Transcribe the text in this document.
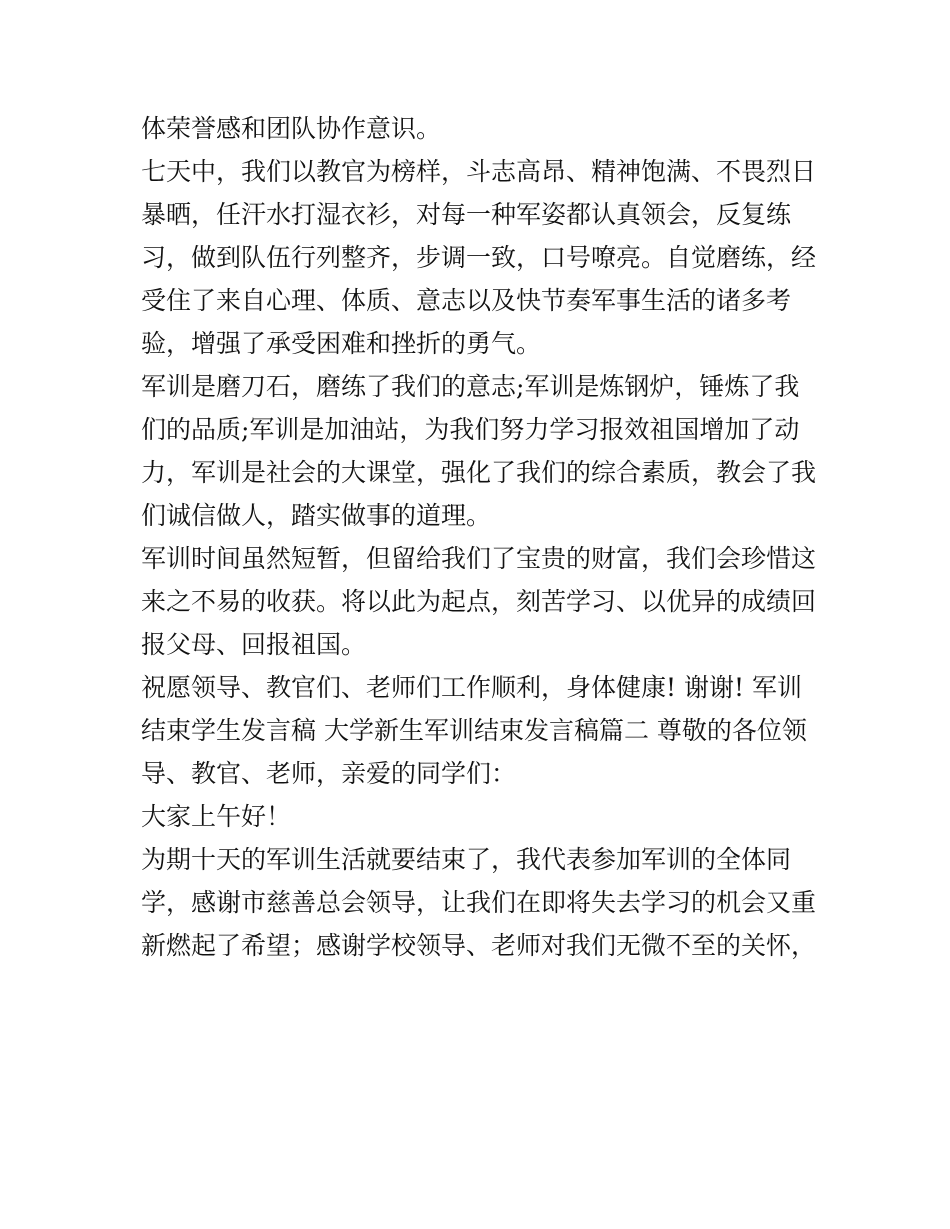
体荣誉感和团队协作意识。
七天中，我们以教官为榜样，斗志高昂、精神饱满、不畏烈日
暴晒，任汗水打湿衣衫，对每一种军姿都认真领会，反复练
习，做到队伍行列整齐，步调一致，口号嘹亮。自觉磨练，经
受住了来自心理、体质、意志以及快节奏军事生活的诸多考
验，增强了承受困难和挫折的勇气。
军训是磨刀石，磨练了我们的意志;军训是炼钢炉，锤炼了我
们的品质;军训是加油站，为我们努力学习报效祖国增加了动
力，军训是社会的大课堂，强化了我们的综合素质，教会了我
们诚信做人，踏实做事的道理。
军训时间虽然短暂，但留给我们了宝贵的财富，我们会珍惜这
来之不易的收获。将以此为起点，刻苦学习、以优异的成绩回
报父母、回报祖国。
祝愿领导、教官们、老师们工作顺利，身体健康! 谢谢! 军训
结束学生发言稿 大学新生军训结束发言稿篇二 尊敬的各位领
导、教官、老师，亲爱的同学们：
大家上午好！
为期十天的军训生活就要结束了，我代表参加军训的全体同
学，感谢市慈善总会领导，让我们在即将失去学习的机会又重
新燃起了希望；感谢学校领导、老师对我们无微不至的关怀，
